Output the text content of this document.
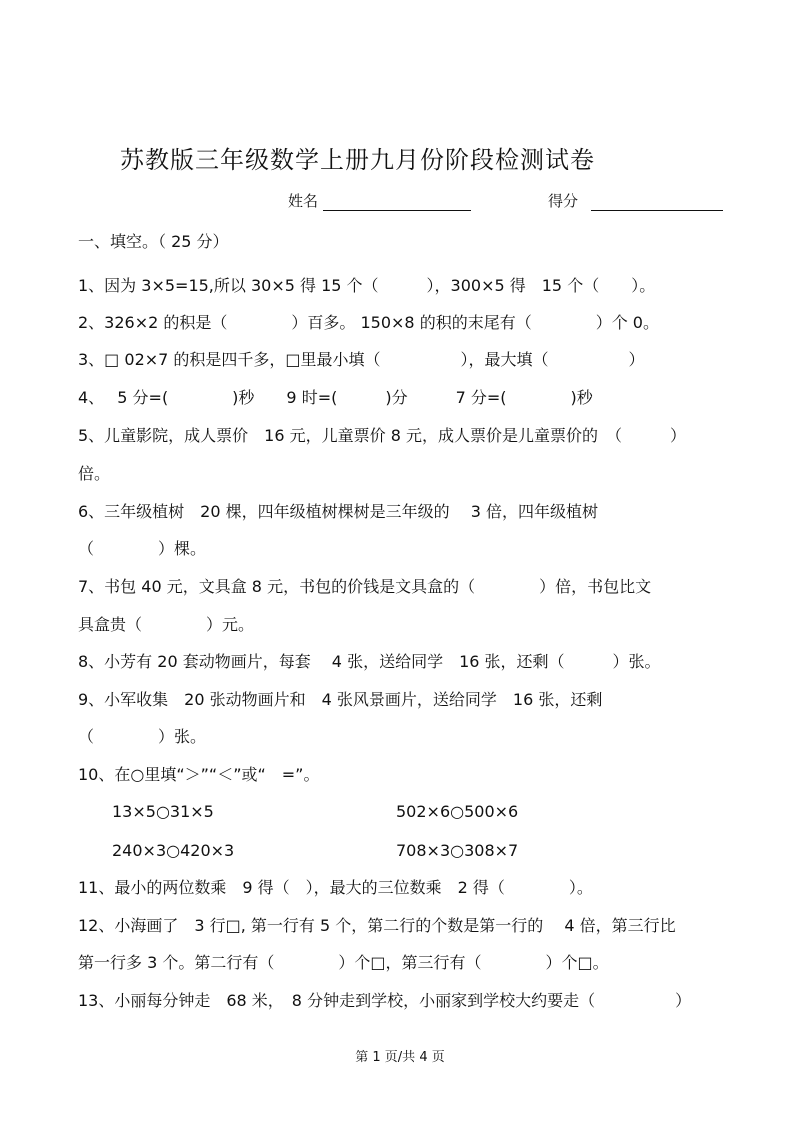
苏教版三年级数学上册九月份阶段检测试卷
姓名	得分
一、填空。（ 25 分）
1、因为 3×5=15,所以 30×5 得 15 个（　　　），300×5 得　15 个（　　）。
2、326×2 的积是（　　　　）百多。 150×8 的积的末尾有（　　　　）个 0。
3、□ 02×7 的积是四千多，□里最小填（　　　　　），最大填（　　　　　）
4、　 5 分=(　　　　)秒　　9 时=(　　　)分　　　7 分=(　　　　)秒
5、儿童影院，成人票价　16 元，儿童票价 8 元，成人票价是儿童票价的　（　　　）
倍。
6、三年级植树　20 棵，四年级植树棵树是三年级的　 3 倍，四年级植树
（　　　　）棵。
7、书包 40 元，文具盒 8 元，书包的价钱是文具盒的（　　　　）倍，书包比文
具盒贵（　　　　）元。
8、小芳有 20 套动物画片，每套　 4 张，送给同学　16 张，还剩（　　　）张。
9、小军收集　20 张动物画片和　4 张风景画片，送给同学　16 张，还剩
（　　　　）张。
10、在○里填“＞”“＜”或“　=”。
13×5○31×5	502×6○500×6
240×3○420×3	708×3○308×7
11、最小的两位数乘　9 得（　），最大的三位数乘　2 得（　　　　）。
12、小海画了　3 行□, 第一行有 5 个，第二行的个数是第一行的　 4 倍，第三行比
第一行多 3 个。第二行有（　　　　）个□，第三行有（　　　　）个□。
13、小丽每分钟走　68 米，　8 分钟走到学校，小丽家到学校大约要走（　　　　　）
第 1 页/共 4 页
